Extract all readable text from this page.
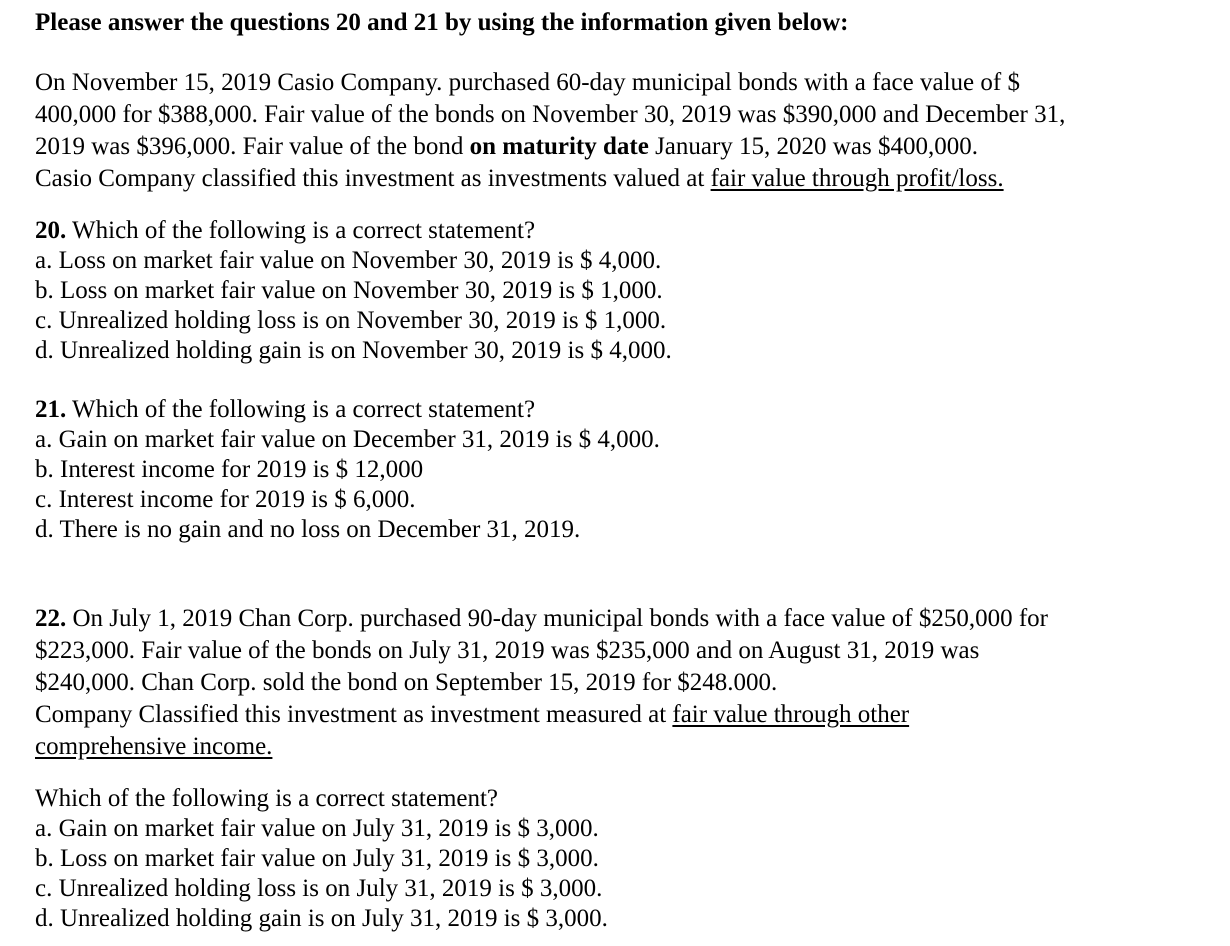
Please answer the questions 20 and 21 by using the information given below:
On November 15, 2019 Casio Company. purchased 60-day municipal bonds with a face value of $
400,000 for $388,000. Fair value of the bonds on November 30, 2019 was $390,000 and December 31,
2019 was $396,000. Fair value of the bond on maturity date January 15, 2020 was $400,000.
Casio Company classified this investment as investments valued at fair value through profit/loss.
20. Which of the following is a correct statement?
a. Loss on market fair value on November 30, 2019 is $ 4,000.
b. Loss on market fair value on November 30, 2019 is $ 1,000.
c. Unrealized holding loss is on November 30, 2019 is $ 1,000.
d. Unrealized holding gain is on November 30, 2019 is $ 4,000.
21. Which of the following is a correct statement?
a. Gain on market fair value on December 31, 2019 is $ 4,000.
b. Interest income for 2019 is $ 12,000
c. Interest income for 2019 is $ 6,000.
d. There is no gain and no loss on December 31, 2019.
22. On July 1, 2019 Chan Corp. purchased 90-day municipal bonds with a face value of $250,000 for
$223,000. Fair value of the bonds on July 31, 2019 was $235,000 and on August 31, 2019 was
$240,000. Chan Corp. sold the bond on September 15, 2019 for $248.000.
Company Classified this investment as investment measured at fair value through other
comprehensive income.
Which of the following is a correct statement?
a. Gain on market fair value on July 31, 2019 is $ 3,000.
b. Loss on market fair value on July 31, 2019 is $ 3,000.
c. Unrealized holding loss is on July 31, 2019 is $ 3,000.
d. Unrealized holding gain is on July 31, 2019 is $ 3,000.
